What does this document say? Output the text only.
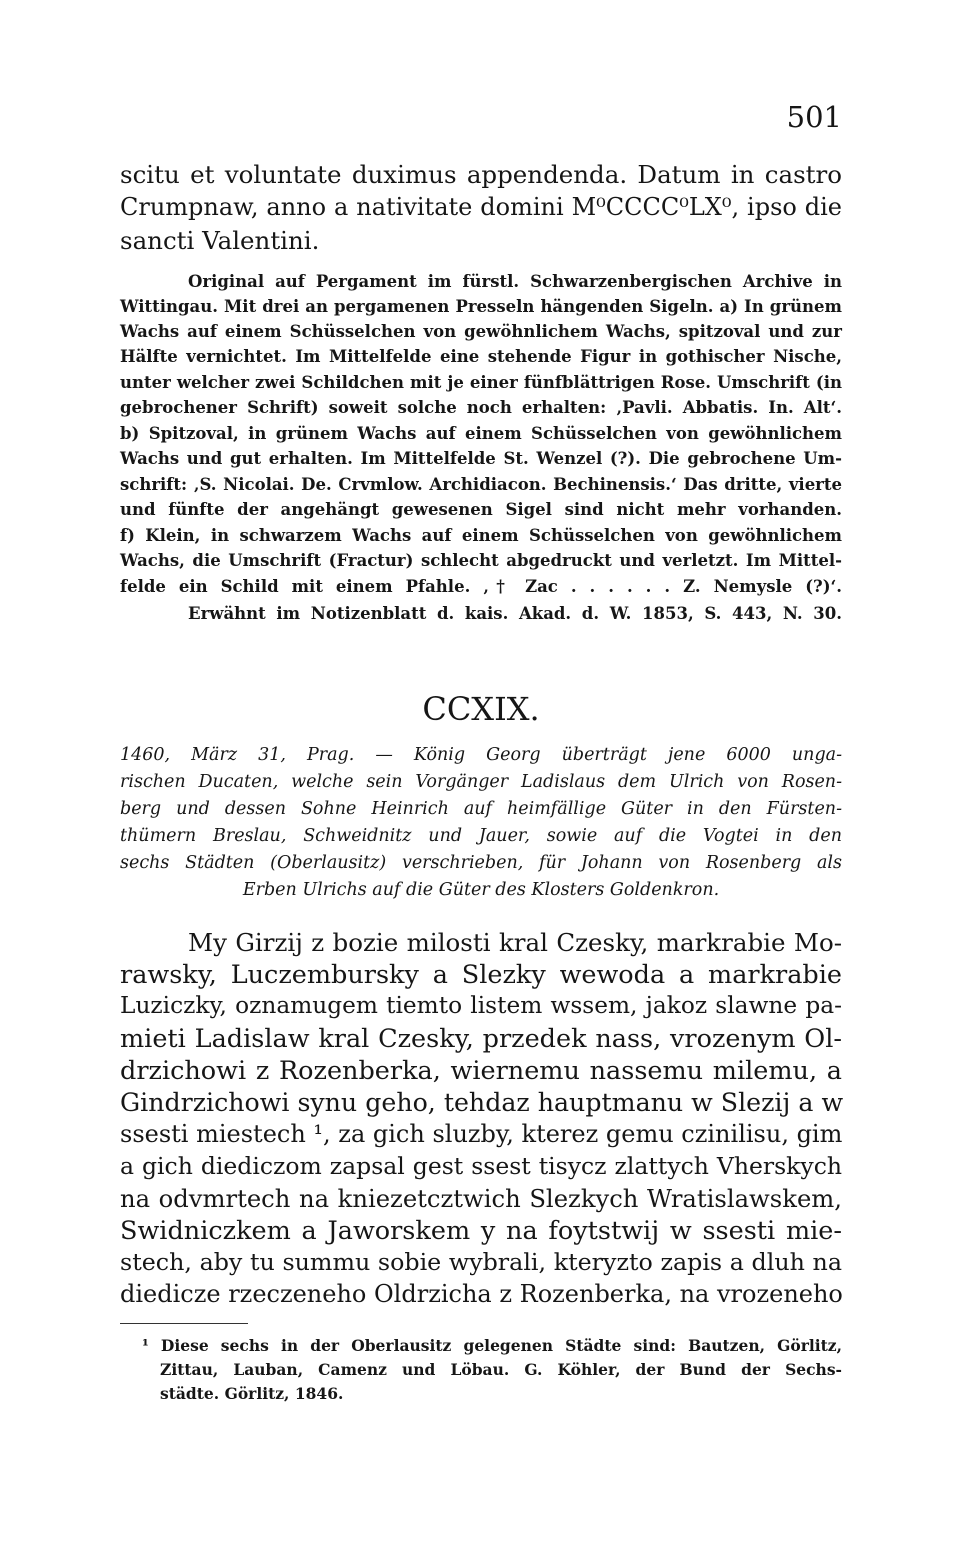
501
scitu et voluntate duximus appendenda. Datum in castro
Crumpnaw, anno a nativitate domini M⁰CCCC⁰LX⁰, ipso die
sancti Valentini.
Original auf Pergament im fürstl. Schwarzenbergischen Archive in
Wittingau. Mit drei an pergamenen Presseln hängenden Sigeln. a) In grünem
Wachs auf einem Schüsselchen von gewöhnlichem Wachs, spitzoval und zur
Hälfte vernichtet. Im Mittelfelde eine stehende Figur in gothischer Nische,
unter welcher zwei Schildchen mit je einer fünfblättrigen Rose. Umschrift (in
gebrochener Schrift) soweit solche noch erhalten: ‚Pavli. Abbatis. In. Alt‘.
b) Spitzoval, in grünem Wachs auf einem Schüsselchen von gewöhnlichem
Wachs und gut erhalten. Im Mittelfelde St. Wenzel (?). Die gebrochene Um-
schrift: ‚S. Nicolai. De. Crvmlow. Archidiacon. Bechinensis.‘ Das dritte, vierte
und fünfte der angehängt gewesenen Sigel sind nicht mehr vorhanden.
f) Klein, in schwarzem Wachs auf einem Schüsselchen von gewöhnlichem
Wachs, die Umschrift (Fractur) schlecht abgedruckt und verletzt. Im Mittel-
felde ein Schild mit einem Pfahle. ‚† Zac . . . . . . Z. Nemysle (?)‘.
Erwähnt im Notizenblatt d. kais. Akad. d. W. 1853, S. 443, N. 30.
CCXIX.
1460, März 31, Prag. — König Georg überträgt jene 6000 unga-
rischen Ducaten, welche sein Vorgänger Ladislaus dem Ulrich von Rosen-
berg und dessen Sohne Heinrich auf heimfällige Güter in den Fürsten-
thümern Breslau, Schweidnitz und Jauer, sowie auf die Vogtei in den
sechs Städten (Oberlausitz) verschrieben, für Johann von Rosenberg als
Erben Ulrichs auf die Güter des Klosters Goldenkron.
My Girzij z bozie milosti kral Czesky, markrabie Mo-
rawsky, Luczembursky a Slezky wewoda a markrabie
Luziczky, oznamugem tiemto listem wssem, jakoz slawne pa-
mieti Ladislaw kral Czesky, przedek nass, vrozenym Ol-
drzichowi z Rozenberka, wiernemu nassemu milemu, a
Gindrzichowi synu geho, tehdaz hauptmanu w Slezij a w
ssesti miestech ¹, za gich sluzby, kterez gemu czinilisu, gim
a gich diediczom zapsal gest ssest tisycz zlattych Vherskych
na odvmrtech na kniezetcztwich Slezkych Wratislawskem,
Swidniczkem a Jaworskem y na foytstwij w ssesti mie-
stech, aby tu summu sobie wybrali, kteryzto zapis a dluh na
diedicze rzeczeneho Oldrzicha z Rozenberka, na vrozeneho
¹ Diese sechs in der Oberlausitz gelegenen Städte sind: Bautzen, Görlitz,
Zittau, Lauban, Camenz und Löbau. G. Köhler, der Bund der Sechs-
städte. Görlitz, 1846.
